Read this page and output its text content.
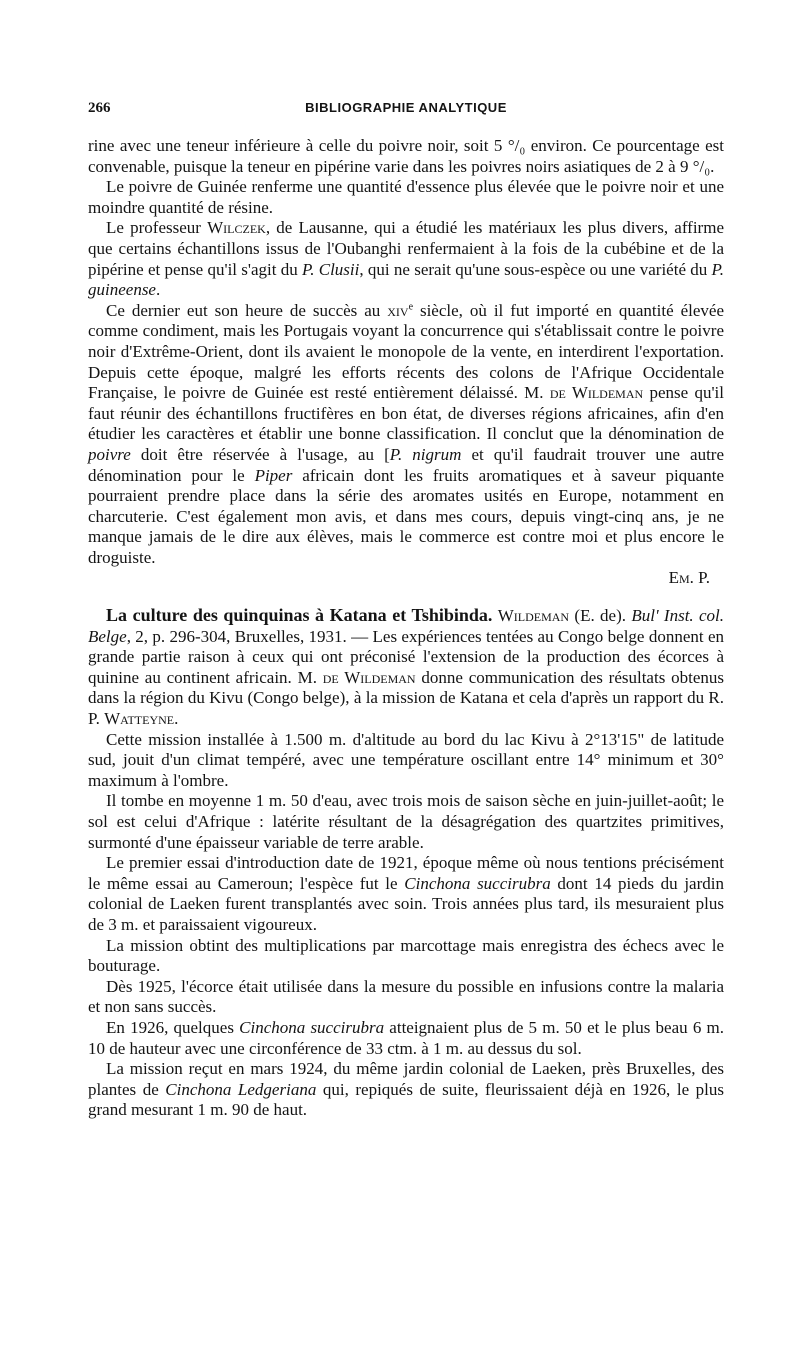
266	BIBLIOGRAPHIE ANALYTIQUE

rine avec une teneur inférieure à celle du poivre noir, soit 5 °/₀ environ. Ce pourcentage est convenable, puisque la teneur en pipérine varie dans les poivres noirs asiatiques de 2 à 9 °/₀.

Le poivre de Guinée renferme une quantité d'essence plus élevée que le poivre noir et une moindre quantité de résine.

Le professeur Wilczek, de Lausanne, qui a étudié les matériaux les plus divers, affirme que certains échantillons issus de l'Oubanghi renfermaient à la fois de la cubébine et de la pipérine et pense qu'il s'agit du P. Clusii, qui ne serait qu'une sous-espèce ou une variété du P. guineense.

Ce dernier eut son heure de succès au xiv$^e$ siècle, où il fut importé en quantité élevée comme condiment, mais les Portugais voyant la concurrence qui s'établissait contre le poivre noir d'Extrême-Orient, dont ils avaient le monopole de la vente, en interdirent l'exportation. Depuis cette époque, malgré les efforts récents des colons de l'Afrique Occidentale Française, le poivre de Guinée est resté entièrement délaissé. M. de Wildeman pense qu'il faut réunir des échantillons fructifères en bon état, de diverses régions africaines, afin d'en étudier les caractères et établir une bonne classification. Il conclut que la dénomination de poivre doit être réservée à l'usage, au [P. nigrum et qu'il faudrait trouver une autre dénomination pour le Piper africain dont les fruits aromatiques et à saveur piquante pourraient prendre place dans la série des aromates usités en Europe, notamment en charcuterie. C'est également mon avis, et dans mes cours, depuis vingt-cinq ans, je ne manque jamais de le dire aux élèves, mais le commerce est contre moi et plus encore le droguiste.

Em. P.

La culture des quinquinas à Katana et Tshibinda. Wildeman (E. de). Bul' Inst. col. Belge, 2, p. 296-304, Bruxelles, 1931. — Les expériences tentées au Congo belge donnent en grande partie raison à ceux qui ont préconisé l'extension de la production des écorces à quinine au continent africain. M. de Wildeman donne communication des résultats obtenus dans la région du Kivu (Congo belge), à la mission de Katana et cela d'après un rapport du R. P. Watteyne.

Cette mission installée à 1.500 m. d'altitude au bord du lac Kivu à 2°13'15" de latitude sud, jouit d'un climat tempéré, avec une température oscillant entre 14° minimum et 30° maximum à l'ombre.

Il tombe en moyenne 1 m. 50 d'eau, avec trois mois de saison sèche en juin-juillet-août; le sol est celui d'Afrique : latérite résultant de la désagrégation des quartzites primitives, surmonté d'une épaisseur variable de terre arable.

Le premier essai d'introduction date de 1921, époque même où nous tentions précisément le même essai au Cameroun; l'espèce fut le Cinchona succirubra dont 14 pieds du jardin colonial de Laeken furent transplantés avec soin. Trois années plus tard, ils mesuraient plus de 3 m. et paraissaient vigoureux.

La mission obtint des multiplications par marcottage mais enregistra des échecs avec le bouturage.

Dès 1925, l'écorce était utilisée dans la mesure du possible en infusions contre la malaria et non sans succès.

En 1926, quelques Cinchona succirubra atteignaient plus de 5 m. 50 et le plus beau 6 m. 10 de hauteur avec une circonférence de 33 ctm. à 1 m. au dessus du sol.

La mission reçut en mars 1924, du même jardin colonial de Laeken, près Bruxelles, des plantes de Cinchona Ledgeriana qui, repiqués de suite, fleurissaient déjà en 1926, le plus grand mesurant 1 m. 90 de haut.
